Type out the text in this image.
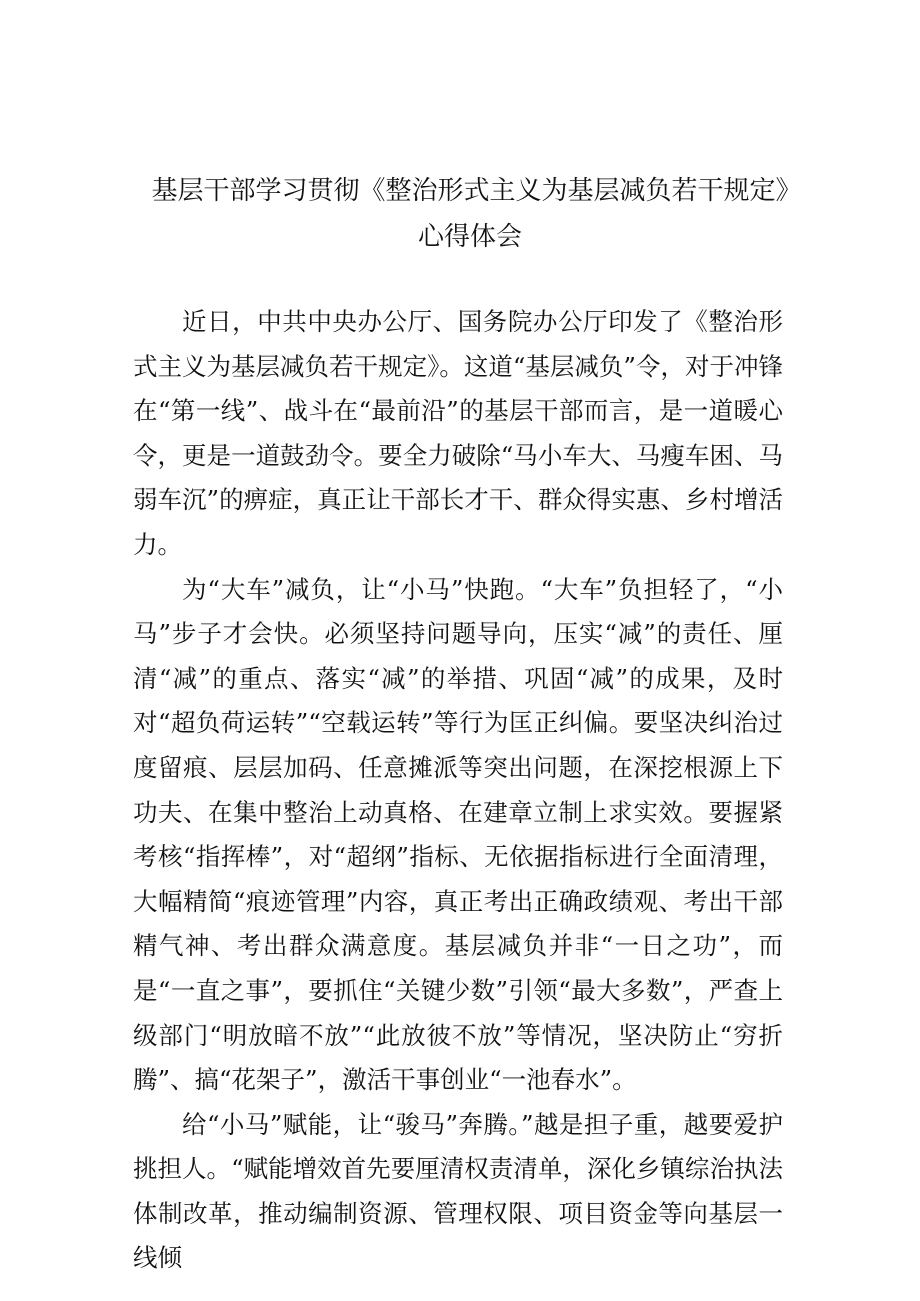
基层干部学习贯彻《整治形式主义为基层减负若干规定》心得体会

近日，中共中央办公厅、国务院办公厅印发了《整治形式主义为基层减负若干规定》。这道“基层减负”令，对于冲锋在“第一线”、战斗在“最前沿”的基层干部而言，是一道暖心令，更是一道鼓劲令。要全力破除“马小车大、马瘦车困、马弱车沉”的痹症，真正让干部长才干、群众得实惠、乡村增活力。

为“大车”减负，让“小马”快跑。“大车”负担轻了，“小马”步子才会快。必须坚持问题导向，压实“减”的责任、厘清“减”的重点、落实“减”的举措、巩固“减”的成果，及时对“超负荷运转”“空载运转”等行为匡正纠偏。要坚决纠治过度留痕、层层加码、任意摊派等突出问题，在深挖根源上下功夫、在集中整治上动真格、在建章立制上求实效。要握紧考核“指挥棒”，对“超纲”指标、无依据指标进行全面清理，大幅精简“痕迹管理”内容，真正考出正确政绩观、考出干部精气神、考出群众满意度。基层减负并非“一日之功”，而是“一直之事”，要抓住“关键少数”引领“最大多数”，严查上级部门“明放暗不放”“此放彼不放”等情况，坚决防止“穷折腾”、搞“花架子”，激活干事创业“一池春水”。

给“小马”赋能，让“骏马”奔腾。”越是担子重，越要爱护挑担人。“赋能增效首先要厘清权责清单，深化乡镇综治执法体制改革，推动编制资源、管理权限、项目资金等向基层一线倾
